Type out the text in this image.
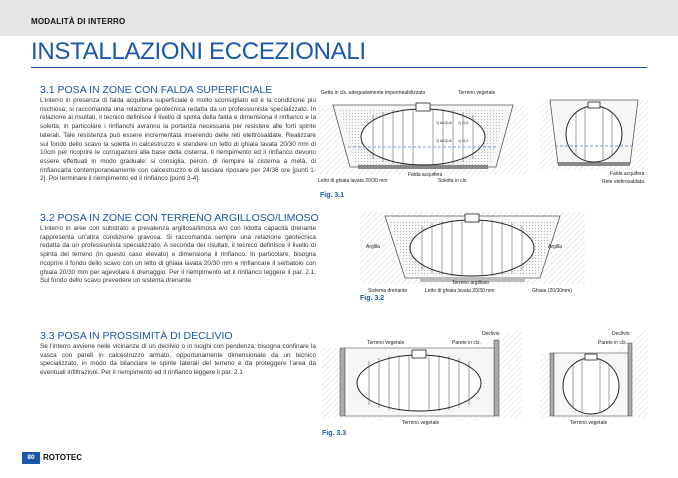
MODALITÀ DI INTERRO
INSTALLAZIONI ECCEZIONALI
3.1 POSA IN ZONE CON FALDA SUPERFICIALE
L'interro in presenza di falda acquifera superficiale è molto sconsigliato ed è la condizione più rischiosa; si raccomanda una relazione geotecnica redatta da un professionista specializzato. In relazione ai risultati, il tecnico definisce il livello di spinta della falda e dimensiona il rinfianco e la soletta; in particolare i rinfianchi avranno la portanza necessaria per resistere alle forti spinte laterali. Tale resistenza può essere incrementata inserendo delle reti elettrosaldate. Realizzare sul fondo dello scavo la soletta in calcestruzzo e stendere un letto di ghiaia lavata 20/30 mm di 10cm per ricoprire le corrugazioni alla base della cisterna. Il riempimento ed il rinfianco devono essere effettuati in modo graduale: si consiglia, perciò, di riempire la cisterna a metà, di rinfiancarla contemporaneamente con calcestruzzo e di lasciare riposare per 24/36 ore [punti 1-2]. Poi terminare il riempimento ed il rinfianco [punti 3-4].
3.2 POSA IN ZONE CON TERRENO ARGILLOSO/LIMOSO
L'interro in aree con substrato a prevalenza argillosa/limosa e/o con ridotta capacità drenante rappresenta un'altra condizione gravosa. Si raccomanda sempre una relazione geotecnica redatta da un professionista specializzato. A seconda dei risultati, il tecnico definisce il livello di spinta del terreno (in questo caso elevato) e dimensiona il rinfianco. In particolare, bisogna ricoprire il fondo dello scavo con un letto di ghiaia lavata 20/30 mm e rinfiancare il serbatoio con ghiaia 20/30 mm per agevolare il drenaggio. Per il riempimento ed il rinfianco leggere il par. 2.1. Sul fondo dello scavo prevedere un sistema drenante.
3.3 POSA IN PROSSIMITÀ DI DECLIVIO
Se l'interro avviene nelle vicinanze di un declivio o in luoghi con pendenza, bisogna confinare la vasca con pareti in calcestruzzo armato, opportunamente dimensionate da un tecnico specializzato, in modo da bilanciare le spinte laterali del terreno e da proteggere l'area da eventuali infiltrazioni. Per il riempimento ed il rinfianco leggere il par. 2.1
Getto in cls. adeguatamente impermeabilizzato	Terreno vegetale
Falda acquifera
Letto di ghiaia lavata 20/30 mm	Soletta in cls.
1) ACQUA 2) CLS
3) ACQUA 4) CLS
Fig. 3.1
Falda acquifera
Rete elettrosaldata
Argilla	Argilla
Terreno argilloso
Sistema drenante	Letto di ghiaia lavata 20/30 mm	Ghiaia (20/30mm)
Fig. 3.2
Terreno vegetale
Declivio
Parete in cls.
Terreno vegetale
Declivio
Parete in cls.
Terreno vegetale
Fig. 3.3
80	ROTOTEC
